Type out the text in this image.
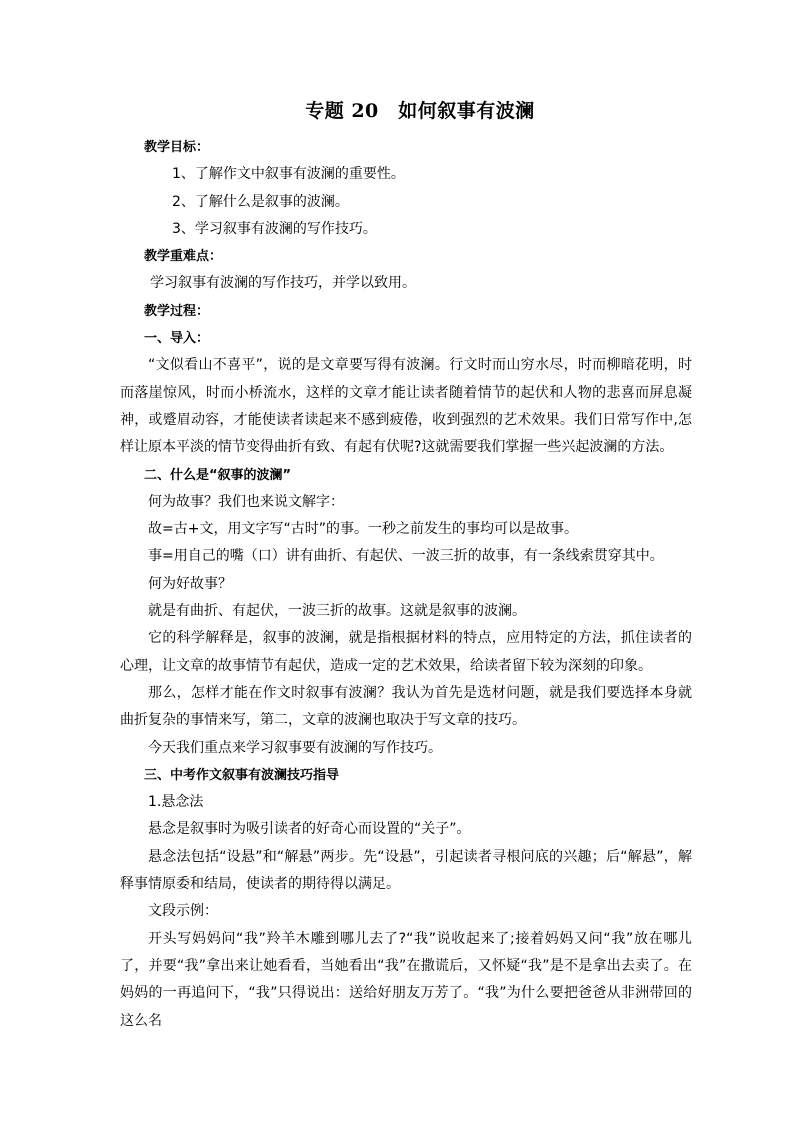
专题 20　如何叙事有波澜

教学目标：

1、了解作文中叙事有波澜的重要性。

2、了解什么是叙事的波澜。

3、学习叙事有波澜的写作技巧。

教学重难点：

学习叙事有波澜的写作技巧，并学以致用。

教学过程：

一、导入：

“文似看山不喜平”，说的是文章要写得有波澜。行文时而山穷水尽，时而柳暗花明，时而落崖惊风，时而小桥流水，这样的文章才能让读者随着情节的起伏和人物的悲喜而屏息凝神，或蹙眉动容，才能使读者读起来不感到疲倦，收到强烈的艺术效果。我们日常写作中,怎样让原本平淡的情节变得曲折有致、有起有伏呢?这就需要我们掌握一些兴起波澜的方法。

二、什么是“叙事的波澜”

何为故事？我们也来说文解字：

故=古+文，用文字写“古时”的事。一秒之前发生的事均可以是故事。

事=用自己的嘴（口）讲有曲折、有起伏、一波三折的故事，有一条线索贯穿其中。

何为好故事？

就是有曲折、有起伏，一波三折的故事。这就是叙事的波澜。

它的科学解释是，叙事的波澜，就是指根据材料的特点，应用特定的方法，抓住读者的心理，让文章的故事情节有起伏，造成一定的艺术效果，给读者留下较为深刻的印象。

那么，怎样才能在作文时叙事有波澜？我认为首先是选材问题，就是我们要选择本身就曲折复杂的事情来写，第二，文章的波澜也取决于写文章的技巧。

今天我们重点来学习叙事要有波澜的写作技巧。

三、中考作文叙事有波澜技巧指导

1.悬念法

悬念是叙事时为吸引读者的好奇心而设置的“关子”。

悬念法包括“设悬”和“解悬”两步。先“设悬”，引起读者寻根问底的兴趣；后“解悬”，解释事情原委和结局，使读者的期待得以满足。

文段示例：

开头写妈妈问“我”羚羊木雕到哪儿去了?“我”说收起来了;接着妈妈又问“我”放在哪儿了，并要“我”拿出来让她看看，当她看出“我”在撒谎后，又怀疑“我”是不是拿出去卖了。在妈妈的一再追问下，“我”只得说出：送给好朋友万芳了。“我”为什么要把爸爸从非洲带回的这么名
